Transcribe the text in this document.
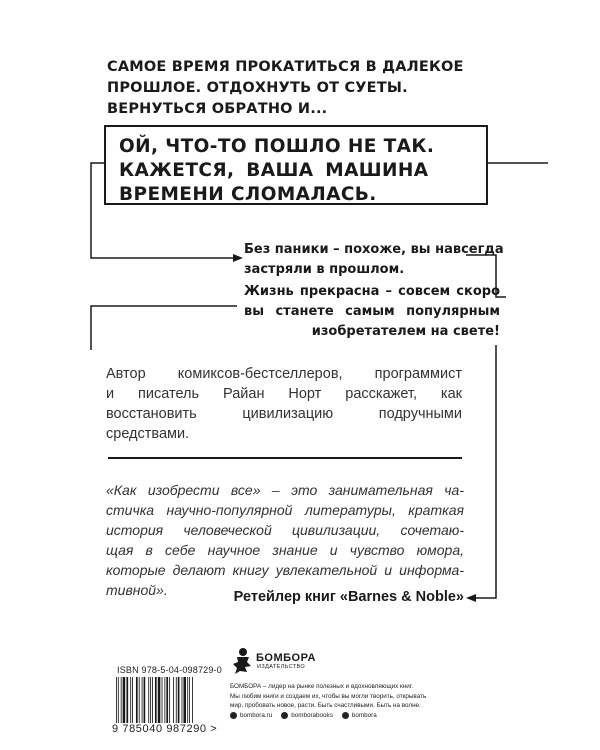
САМОЕ ВРЕМЯ ПРОКАТИТЬСЯ В ДАЛЕКОЕ
ПРОШЛОЕ. ОТДОХНУТЬ ОТ СУЕТЫ.
ВЕРНУТЬСЯ ОБРАТНО И...
ОЙ, ЧТО-ТО ПОШЛО НЕ ТАК.
КАЖЕТСЯ, ВАША МАШИНА
ВРЕМЕНИ СЛОМАЛАСЬ.
Без паники – похоже, вы навсегда
застряли в прошлом.
Жизнь прекрасна – совсем скоро
вы станете самым популярным
изобретателем на свете!
Автор комиксов-бестселлеров, программист
и писатель Райан Норт расскажет, как
восстановить цивилизацию подручными
средствами.
«Как изобрести все» – это занимательная ча-
стичка научно-популярной литературы, краткая
история человеческой цивилизации, сочетаю-
щая в себе научное знание и чувство юмора,
которые делают книгу увлекательной и информа-
тивной».	Ретейлер книг «Barnes & Noble»
ISBN 978-5-04-098729-0
9 785040 987290 >
БОМБОРА
ИЗДАТЕЛЬСТВО
БОМБОРА – лидер на рынке полезных и вдохновляющих книг.
Мы любим книги и создаем их, чтобы вы могли творить, открывать
мир, пробовать новое, расти. Быть счастливыми. Быть на волне.
bombora.ru	bomborabooks	bombora
